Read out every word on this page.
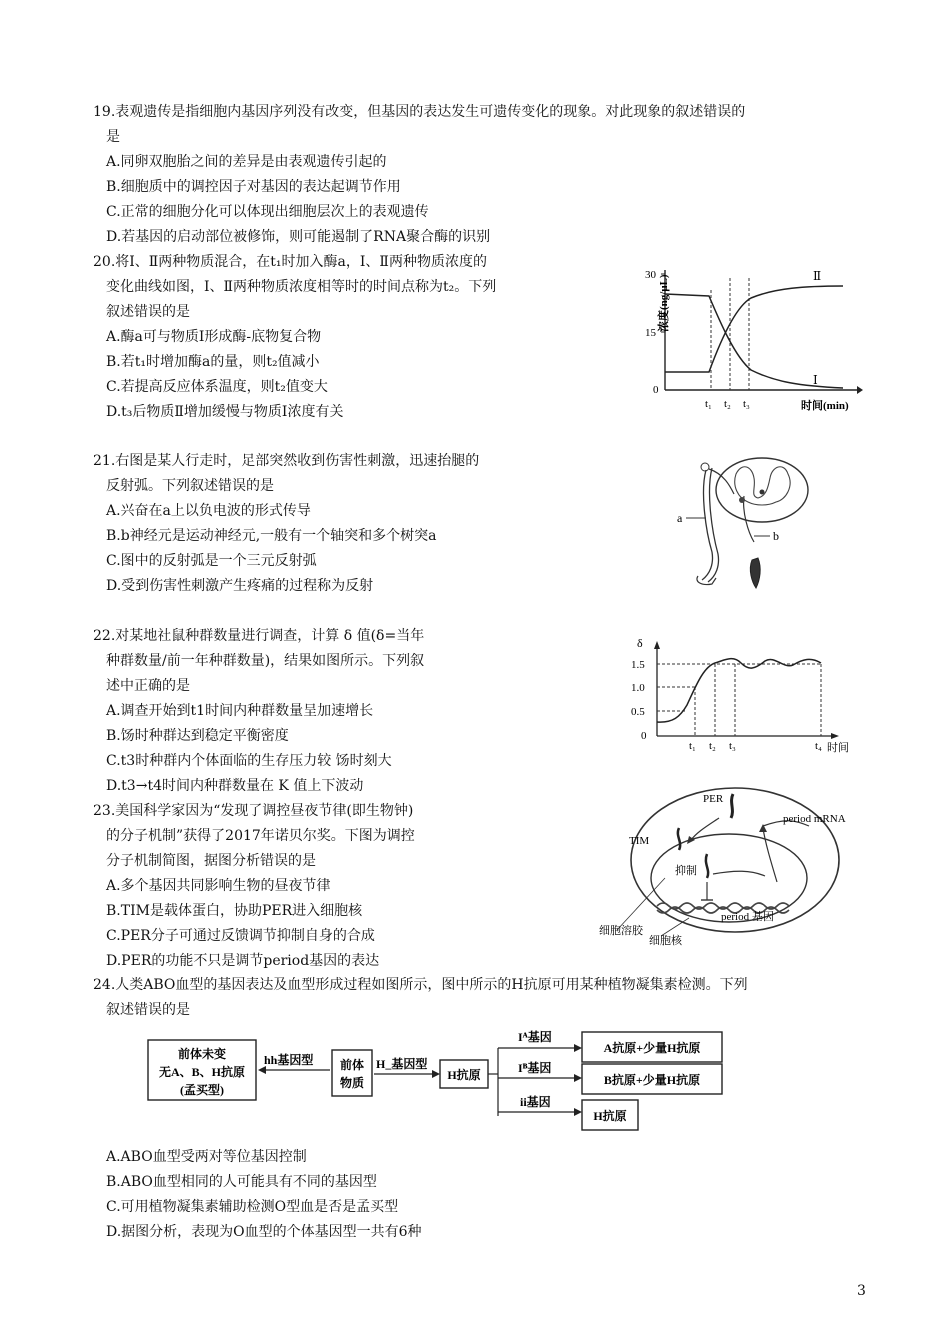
19.表观遗传是指细胞内基因序列没有改变，但基因的表达发生可遗传变化的现象。对此现象的叙述错误的
是
A.同卵双胞胎之间的差异是由表观遗传引起的
B.细胞质中的调控因子对基因的表达起调节作用
C.正常的细胞分化可以体现出细胞层次上的表观遗传
D.若基因的启动部位被修饰，则可能遏制了RNA聚合酶的识别
20.将Ⅰ、Ⅱ两种物质混合，在t₁时加入酶a，Ⅰ、Ⅱ两种物质浓度的
变化曲线如图，Ⅰ、Ⅱ两种物质浓度相等时的时间点称为t₂。下列
叙述错误的是
A.酶a可与物质Ⅰ形成酶-底物复合物
B.若t₁时增加酶a的量，则t₂值减小
C.若提高反应体系温度，则t₂值变大
D.t₃后物质Ⅱ增加缓慢与物质Ⅰ浓度有关
浓度(ng/μL)
30
15
0
Ⅱ
Ⅰ
t₁ t₂ t₃	时间(min)
21.右图是某人行走时，足部突然收到伤害性刺激，迅速抬腿的
反射弧。下列叙述错误的是
A.兴奋在a上以负电波的形式传导
B.b神经元是运动神经元,一般有一个轴突和多个树突a
C.图中的反射弧是一个三元反射弧
D.受到伤害性刺激产生疼痛的过程称为反射
a
b
22.对某地社鼠种群数量进行调查，计算 δ 值(δ=当年
种群数量/前一年种群数量)，结果如图所示。下列叙
述中正确的是
A.调查开始到t1时间内种群数量呈加速增长
B.饧时种群达到稳定平衡密度
C.t3时种群内个体面临的生存压力较 饧时刻大
D.t3→t4时间内种群数量在 K 值上下波动
δ
1.5
1.0
0.5
0
t₁ t₂ t₃	t₄ 时间
23.美国科学家因为“发现了调控昼夜节律(即生物钟)
的分子机制”获得了2017年诺贝尔奖。下图为调控
分子机制简图，据图分析错误的是
A.多个基因共同影响生物的昼夜节律
B.TIM是载体蛋白，协助PER进入细胞核
C.PER分子可通过反馈调节抑制自身的合成
D.PER的功能不只是调节period基因的表达
PER
TIM
period mRNA
抑制
period 基因
细胞溶胶
细胞核
24.人类ABO血型的基因表达及血型形成过程如图所示，图中所示的H抗原可用某种植物凝集素检测。下列
叙述错误的是
前体未变
无A、B、H抗原
(孟买型)
hh基因型 前体
物质
H_基因型
H抗原
Iᴬ基因
Iᴮ基因
ii基因
A抗原+少量H抗原
B抗原+少量H抗原
H抗原
A.ABO血型受两对等位基因控制
B.ABO血型相同的人可能具有不同的基因型
C.可用植物凝集素辅助检测O型血是否是孟买型
D.据图分析，表现为O血型的个体基因型一共有6种
3
